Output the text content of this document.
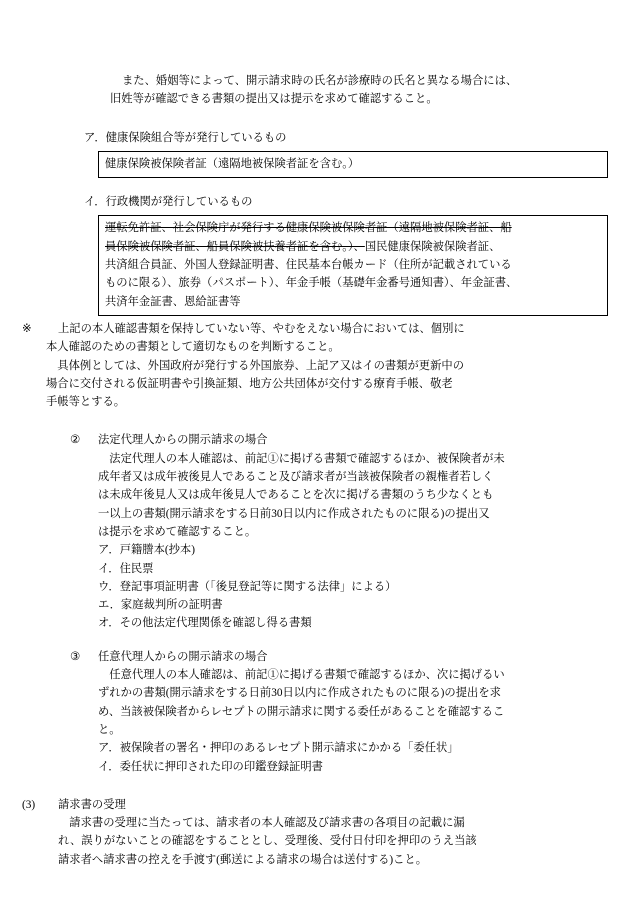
また、婚姻等によって、開示請求時の氏名が診療時の氏名と異なる場合には、
旧姓等が確認できる書類の提出又は提示を求めて確認すること。
ア．健康保険組合等が発行しているもの
健康保険被保険者証（遠隔地被保険者証を含む。）
イ．行政機関が発行しているもの
運転免許証、社会保険庁が発行する健康保険被保険者証（遠隔地被保険者証、船
員保険被保険者証、船員保険被扶養者証を含む。）、国民健康保険被保険者証、
共済組合員証、外国人登録証明書、住民基本台帳カード（住所が記載されている
ものに限る）、旅券（パスポート）、年金手帳（基礎年金番号通知書）、年金証書、
共済年金証書、恩給証書等
※	上記の本人確認書類を保持していない等、やむをえない場合においては、個別に
本人確認のための書類として適切なものを判断すること。
　具体例としては、外国政府が発行する外国旅券、上記ア又はイの書類が更新中の
場合に交付される仮証明書や引換証類、地方公共団体が交付する療育手帳、敬老
手帳等とする。
②	法定代理人からの開示請求の場合
　法定代理人の本人確認は、前記①に掲げる書類で確認するほか、被保険者が未
成年者又は成年被後見人であること及び請求者が当該被保険者の親権者若しく
は未成年後見人又は成年後見人であることを次に掲げる書類のうち少なくとも
一以上の書類(開示請求をする日前30日以内に作成されたものに限る)の提出又
は提示を求めて確認すること。
ア．戸籍謄本(抄本)
イ．住民票
ウ．登記事項証明書（「後見登記等に関する法律」による）
エ．家庭裁判所の証明書
オ．その他法定代理関係を確認し得る書類
③	任意代理人からの開示請求の場合
　任意代理人の本人確認は、前記①に掲げる書類で確認するほか、次に掲げるい
ずれかの書類(開示請求をする日前30日以内に作成されたものに限る)の提出を求
め、当該被保険者からレセプトの開示請求に関する委任があることを確認するこ
と。
ア．被保険者の署名・押印のあるレセプト開示請求にかかる「委任状」
イ．委任状に押印された印の印鑑登録証明書
(3)	請求書の受理
　請求書の受理に当たっては、請求者の本人確認及び請求書の各項目の記載に漏
れ、誤りがないことの確認をすることとし、受理後、受付日付印を押印のうえ当該
請求者へ請求書の控えを手渡す(郵送による請求の場合は送付する)こと。
